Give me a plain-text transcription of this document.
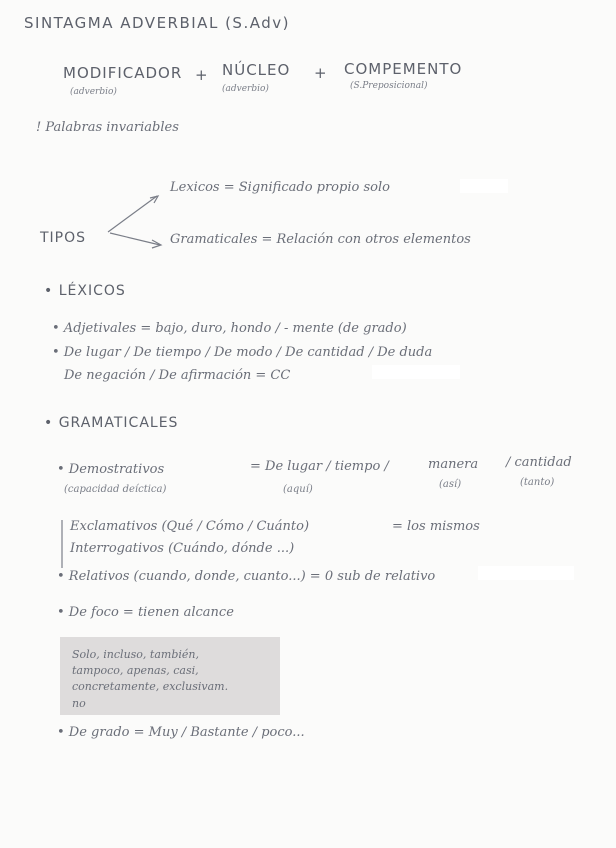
SINTAGMA ADVERBIAL (S.Adv)
MODIFICADOR
(adverbio)
+ NÚCLEO
(adverbio)
+ COMPEMENTO
(S.Preposicional)
! Palabras invariables
Lexicos = Significado propio solo
TIPOS	Gramaticales = Relación con otros elementos
• LÉXICOS
• Adjetivales = bajo, duro, hondo / - mente (de grado)
• De lugar / De tiempo / De modo / De cantidad / De duda
De negación / De afirmación = CC
• GRAMATICALES
• Demostrativos
(capacidad deíctica)
= De lugar / tiempo /
(aquí)
manera
(así)
/ cantidad
(tanto)
Exclamativos (Qué / Cómo / Cuánto)	= los mismos
Interrogativos (Cuándo, dónde ...)
• Relativos (cuando, donde, cuanto...) = 0 sub de relativo
• De foco = tienen alcance
Solo, incluso, también,
tampoco, apenas, casi,
concretamente, exclusivam.
no
• De grado = Muy / Bastante / poco...
